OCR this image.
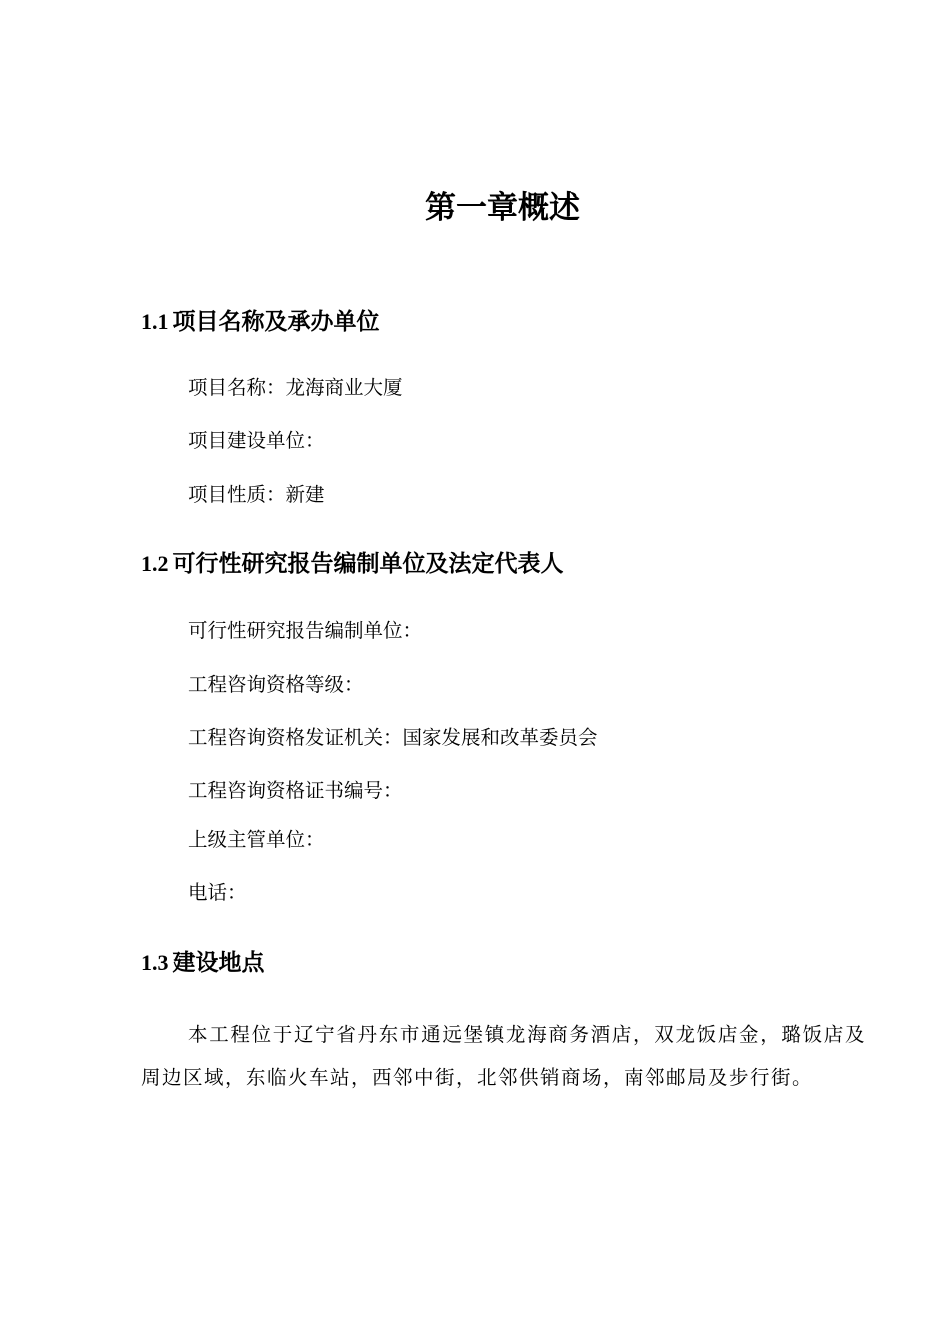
第一章概述
1.1 项目名称及承办单位

项目名称：龙海商业大厦

项目建设单位：

项目性质：新建

1.2 可行性研究报告编制单位及法定代表人

可行性研究报告编制单位：

工程咨询资格等级：

工程咨询资格发证机关：国家发展和改革委员会

工程咨询资格证书编号：

上级主管单位：

电话：

1.3 建设地点

本工程位于辽宁省丹东市通远堡镇龙海商务酒店，双龙饭店金，璐饭店及周边区域，东临火车站，西邻中街，北邻供销商场，南邻邮局及步行街。
